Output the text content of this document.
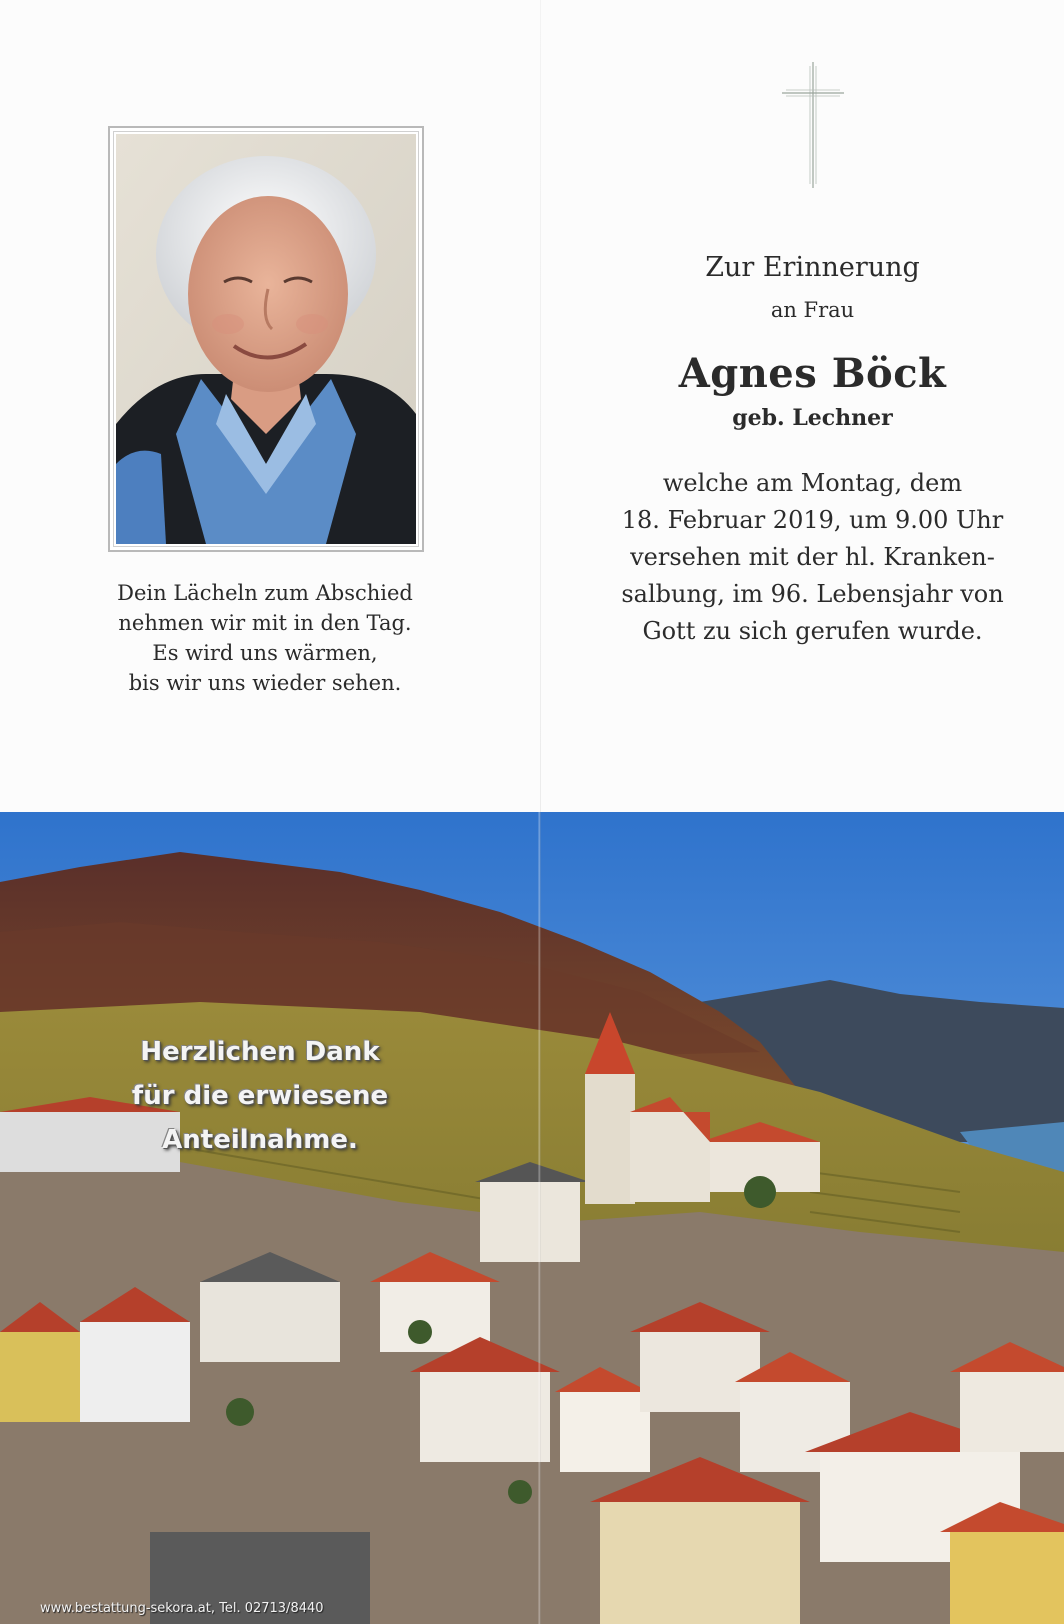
Dein Lächeln zum Abschied
nehmen wir mit in den Tag.
Es wird uns wärmen,
bis wir uns wieder sehen.
Zur Erinnerung
an Frau
Agnes Böck
geb. Lechner
welche am Montag, dem
18. Februar 2019, um 9.00 Uhr
versehen mit der hl. Kranken-
salbung, im 96. Lebensjahr von
Gott zu sich gerufen wurde.
Herzlichen Dank
für die erwiesene
Anteilnahme.
www.bestattung-sekora.at, Tel. 02713/8440
